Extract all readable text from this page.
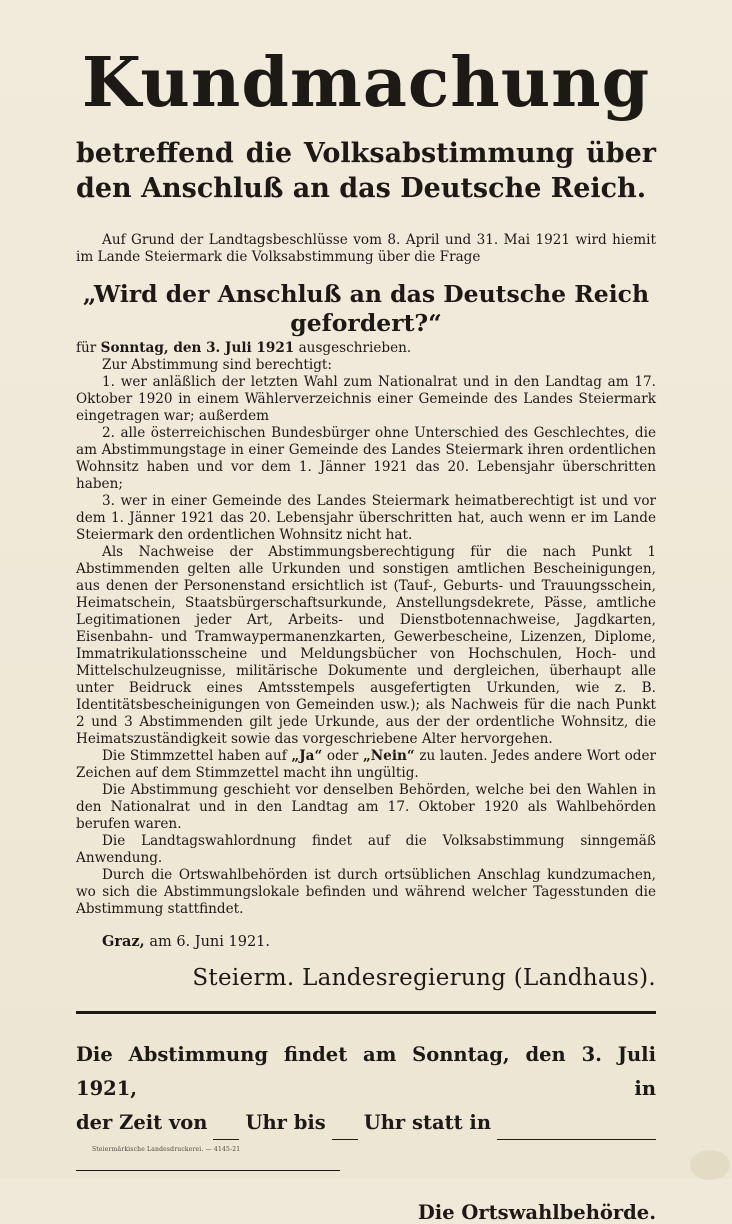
Kundmachung
betreffend die Volksabstimmung über
den Anschluß an das Deutsche Reich.

Auf Grund der Landtagsbeschlüsse vom 8. April und 31. Mai 1921 wird hiemit im Lande Steiermark die Volksabstimmung über die Frage

„Wird der Anschluß an das Deutsche Reich gefordert?“

für Sonntag, den 3. Juli 1921 ausgeschrieben.

Zur Abstimmung sind berechtigt:

1. wer anläßlich der letzten Wahl zum Nationalrat und in den Landtag am 17. Oktober 1920 in einem Wählerverzeichnis einer Gemeinde des Landes Steiermark eingetragen war; außerdem

2. alle österreichischen Bundesbürger ohne Unterschied des Geschlechtes, die am Abstimmungstage in einer Gemeinde des Landes Steiermark ihren ordentlichen Wohnsitz haben und vor dem 1. Jänner 1921 das 20. Lebensjahr überschritten haben;

3. wer in einer Gemeinde des Landes Steiermark heimatberechtigt ist und vor dem 1. Jänner 1921 das 20. Lebensjahr überschritten hat, auch wenn er im Lande Steiermark den ordentlichen Wohnsitz nicht hat.

Als Nachweise der Abstimmungsberechtigung für die nach Punkt 1 Abstimmenden gelten alle Urkunden und sonstigen amtlichen Bescheinigungen, aus denen der Personenstand ersichtlich ist (Tauf-, Geburts- und Trauungsschein, Heimatschein, Staatsbürgerschaftsurkunde, Anstellungsdekrete, Pässe, amtliche Legitimationen jeder Art, Arbeits- und Dienstbotennachweise, Jagdkarten, Eisenbahn- und Tramwaypermanenzkarten, Gewerbescheine, Lizenzen, Diplome, Immatrikulationsscheine und Meldungsbücher von Hochschulen, Hoch- und Mittelschulzeugnisse, militärische Dokumente und dergleichen, überhaupt alle unter Beidruck eines Amtsstempels ausgefertigten Urkunden, wie z. B. Identitätsbescheinigungen von Gemeinden usw.); als Nachweis für die nach Punkt 2 und 3 Abstimmenden gilt jede Urkunde, aus der der ordentliche Wohnsitz, die Heimatszuständigkeit sowie das vorgeschriebene Alter hervorgehen.

Die Stimmzettel haben auf „Ja“ oder „Nein“ zu lauten. Jedes andere Wort oder Zeichen auf dem Stimmzettel macht ihn ungültig.

Die Abstimmung geschieht vor denselben Behörden, welche bei den Wahlen in den Nationalrat und in den Landtag am 17. Oktober 1920 als Wahlbehörden berufen waren.

Die Landtagswahlordnung findet auf die Volksabstimmung sinngemäß Anwendung.

Durch die Ortswahlbehörden ist durch ortsüblichen Anschlag kundzumachen, wo sich die Abstimmungslokale befinden und während welcher Tagesstunden die Abstimmung stattfindet.

Graz, am 6. Juni 1921.

Steierm. Landesregierung (Landhaus).
Die Abstimmung findet am Sonntag, den 3. Juli 1921, in
der Zeit von Uhr bis Uhr statt in
Die Ortswahlbehörde.
Steiermärkische Landesdruckerei. — 4145-21
